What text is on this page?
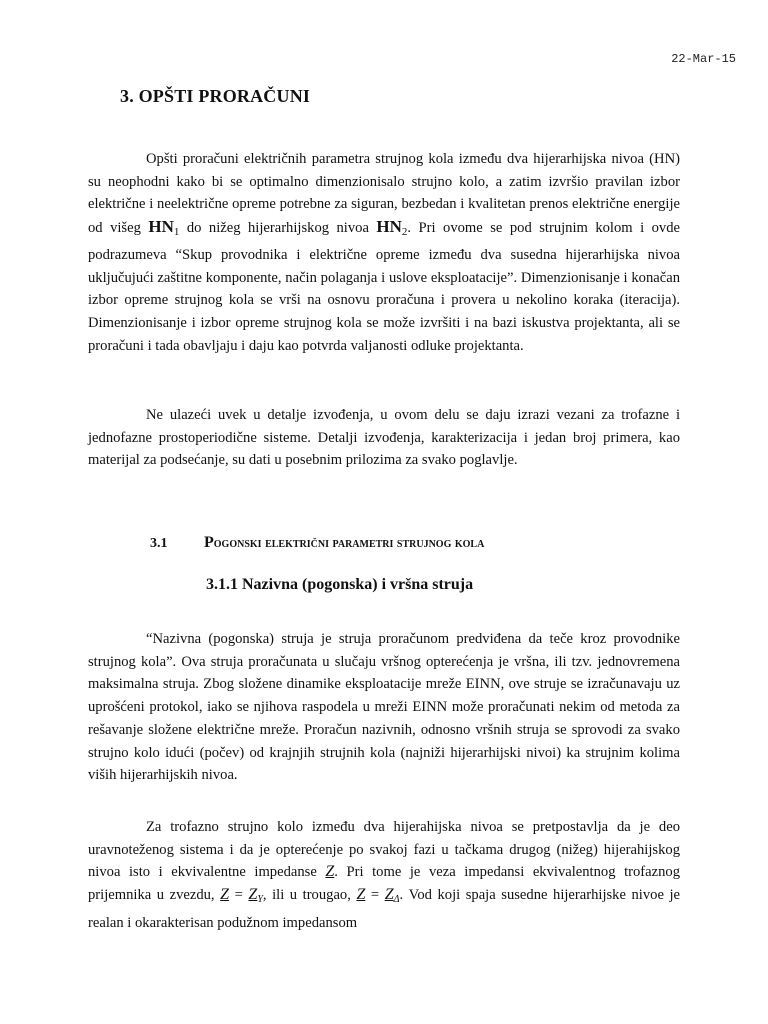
22-Mar-15
3. OPŠTI PRORAČUNI

Opšti proračuni električnih parametra strujnog kola između dva hijerarhijska nivoa (HN) su neophodni kako bi se optimalno dimenzionisalo strujno kolo, a zatim izvršio pravilan izbor električne i neelektrične opreme potrebne za siguran, bezbedan i kvalitetan prenos električne energije od višeg $HN_1$ do nižeg hijerarhijskog nivoa $HN_2$. Pri ovome se pod strujnim kolom i ovde podrazumeva “Skup provodnika i električne opreme između dva susedna hijerarhijska nivoa uključujući zaštitne komponente, način polaganja i uslove eksploatacije”. Dimenzionisanje i konačan izbor opreme strujnog kola se vrši na osnovu proračuna i provera u nekolino koraka (iteracija). Dimenzionisanje i izbor opreme strujnog kola se može izvršiti i na bazi iskustva projektanta, ali se proračuni i tada obavljaju i daju kao potvrda valjanosti odluke projektanta.

Ne ulazeći uvek u detalje izvođenja, u ovom delu se daju izrazi vezani za trofazne i jednofazne prostoperiodične sisteme. Detalji izvođenja, karakterizacija i jedan broj primera, kao materijal za podsećanje, su dati u posebnim prilozima za svako poglavlje.

3.1 Pogonski električni parametri strujnog kola
3.1.1 Nazivna (pogonska) i vršna struja

“Nazivna (pogonska) struja je struja proračunom predviđena da teče kroz provodnike strujnog kola”. Ova struja proračunata u slučaju vršnog opterećenja je vršna, ili tzv. jednovremena maksimalna struja. Zbog složene dinamike eksploatacije mreže EINN, ove struje se izračunavaju uz uprošćeni protokol, iako se njihova raspodela u mreži EINN može proračunati nekim od metoda za rešavanje složene električne mreže. Proračun nazivnih, odnosno vršnih struja se sprovodi za svako strujno kolo idući (počev) od krajnjih strujnih kola (najniži hijerarhijski nivoi) ka strujnim kolima viših hijerarhijskih nivoa.

Za trofazno strujno kolo između dva hijerahijska nivoa se pretpostavlja da je deo uravnoteženog sistema i da je opterećenje po svakoj fazi u tačkama drugog (nižeg) hijerahijskog nivoa isto i ekvivalentne impedanse Z. Pri tome je veza impedansi ekvivalentnog trofaznog prijemnika u zvezdu, $Z = Z_Y$, ili u trougao, $Z = Z_\Delta$. Vod koji spaja susedne hijerarhijske nivoe je realan i okarakterisan podužnom impedansom
